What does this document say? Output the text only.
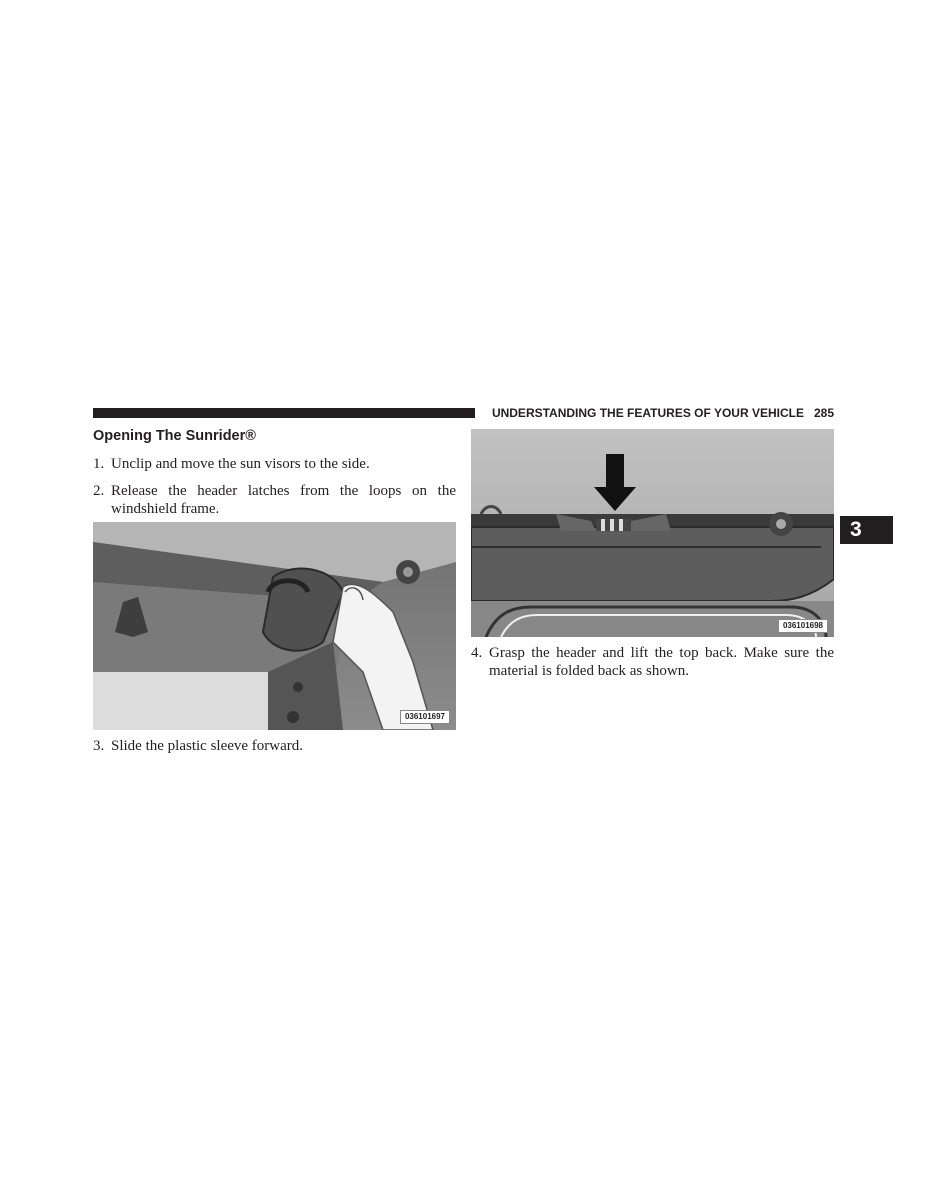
UNDERSTANDING THE FEATURES OF YOUR VEHICLE 285
3
Opening The Sunrider®
1. Unclip and move the sun visors to the side.
2. Release the header latches from the loops on the windshield frame.
036101697
3. Slide the plastic sleeve forward.
036101698
4. Grasp the header and lift the top back. Make sure the material is folded back as shown.
